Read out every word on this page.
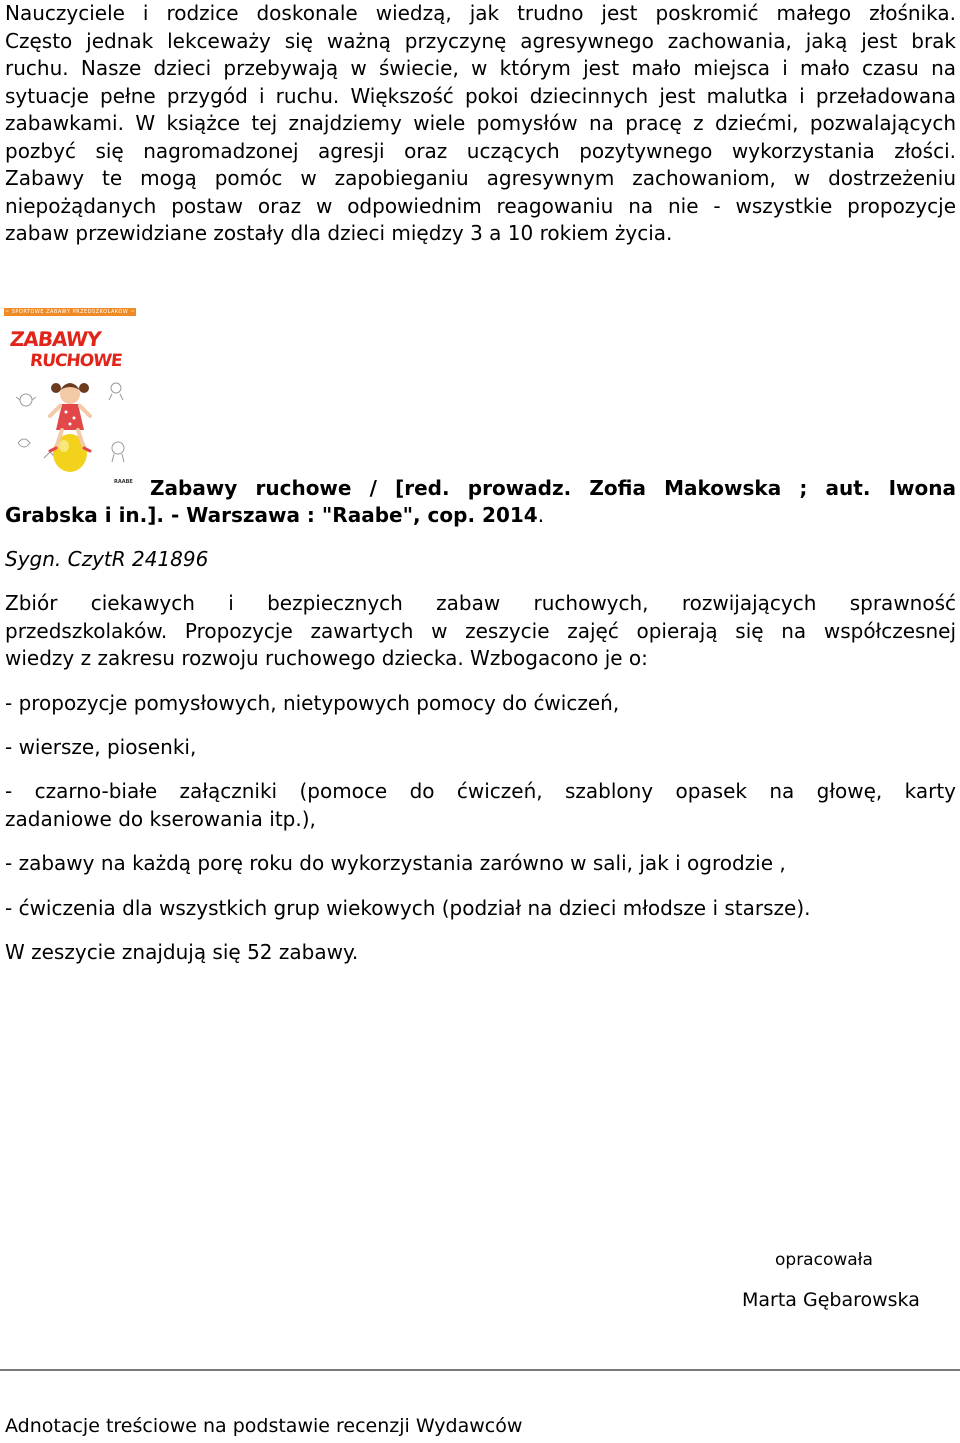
Nauczyciele i rodzice doskonale wiedzą, jak trudno jest poskromić małego złośnika.

Często jednak lekceważy się ważną przyczynę agresywnego zachowania, jaką jest brak

ruchu. Nasze dzieci przebywają w świecie, w którym jest mało miejsca i mało czasu na

sytuacje pełne przygód i ruchu. Większość pokoi dziecinnych jest malutka i przeładowana

zabawkami. W książce tej znajdziemy wiele pomysłów na pracę z dziećmi, pozwalających

pozbyć się nagromadzonej agresji oraz uczących pozytywnego wykorzystania złości.

Zabawy te mogą pomóc w zapobieganiu agresywnym zachowaniom, w dostrzeżeniu

niepożądanych postaw oraz w odpowiednim reagowaniu na nie - wszystkie propozycje

zabaw przewidziane zostały dla dzieci między 3 a 10 rokiem życia.

~ SPORTOWE ZABAWY PRZEDSZKOLAKÓW ~
ZABAWY
RUCHOWE
RAABE Zabawy ruchowe / [red. prowadz. Zofia Makowska ; aut. Iwona
Grabska i in.]. - Warszawa : "Raabe", cop. 2014.
Sygn. CzytR 241896

Zbiór ciekawych i bezpiecznych zabaw ruchowych, rozwijających sprawność

przedszkolaków. Propozycje zawartych w zeszycie zajęć opierają się na współczesnej

wiedzy z zakresu rozwoju ruchowego dziecka. Wzbogacono je o:

- propozycje pomysłowych, nietypowych pomocy do ćwiczeń,
- wiersze, piosenki,

- czarno-białe załączniki (pomoce do ćwiczeń, szablony opasek na głowę, karty

zadaniowe do kserowania itp.),

- zabawy na każdą porę roku do wykorzystania zarówno w sali, jak i ogrodzie ,
- ćwiczenia dla wszystkich grup wiekowych (podział na dzieci młodsze i starsze).
W zeszycie znajdują się 52 zabawy.
opracowała
Marta Gębarowska
Adnotacje treściowe na podstawie recenzji Wydawców
